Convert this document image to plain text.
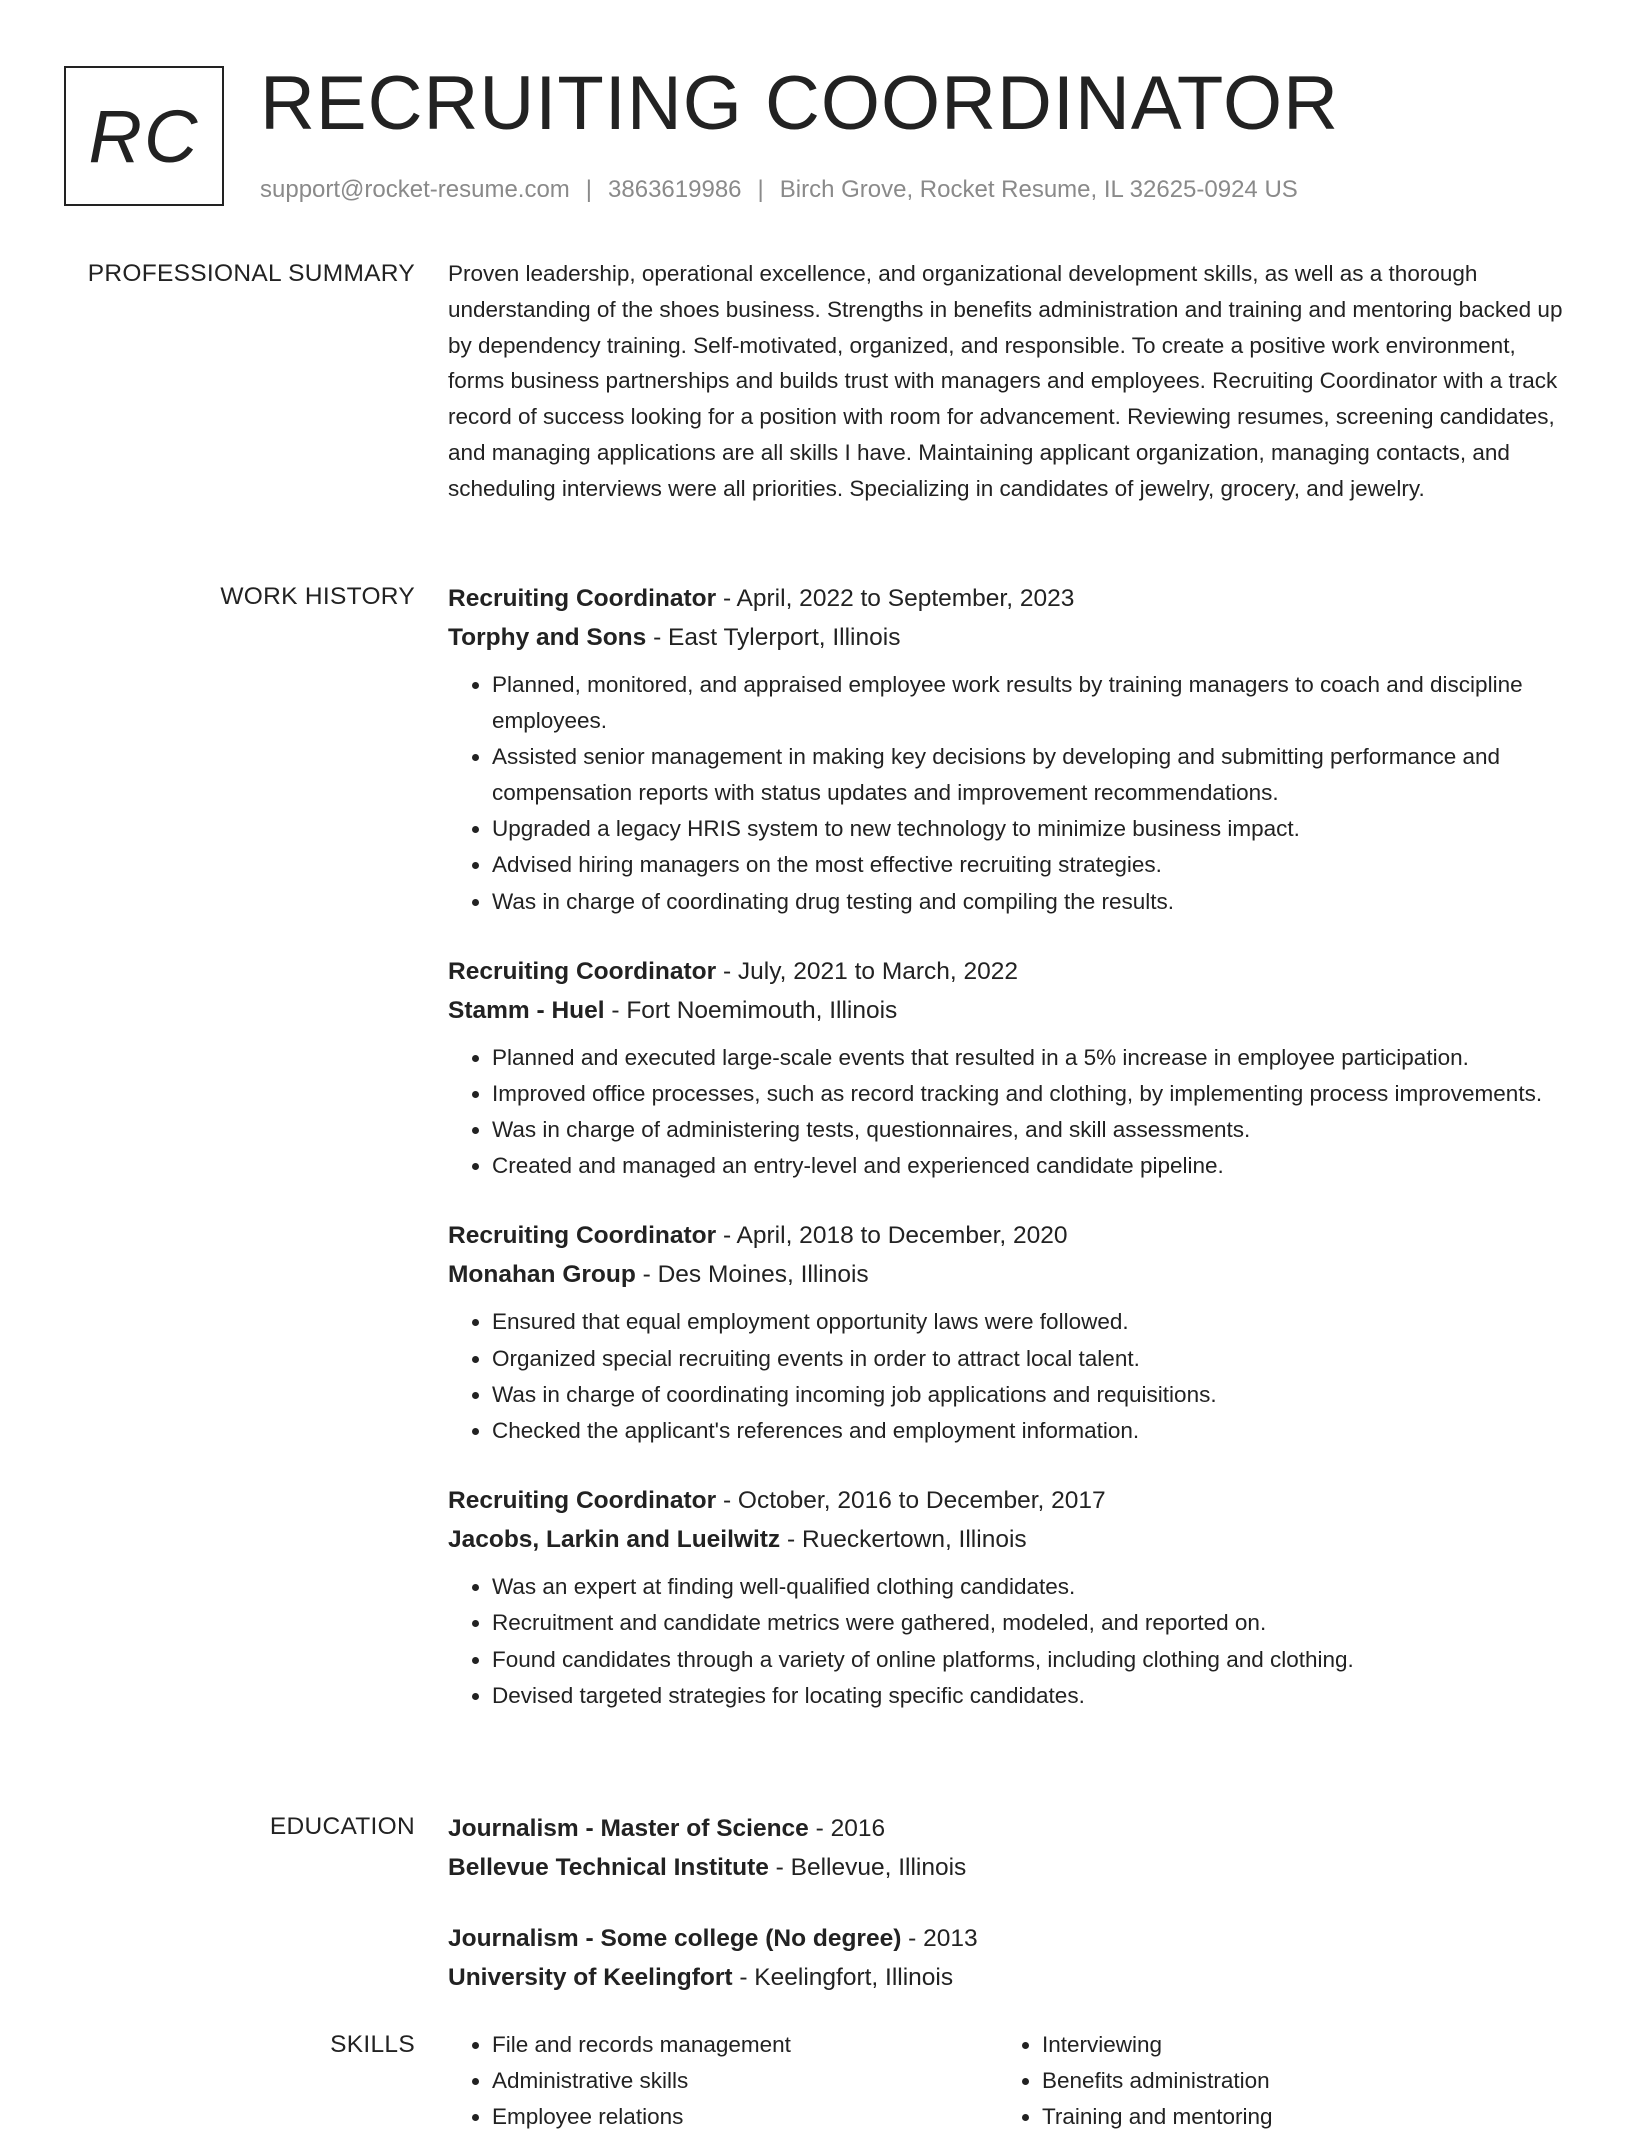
RC RECRUITING COORDINATOR
support@rocket-resume.com | 3863619986 | Birch Grove, Rocket Resume, IL 32625-0924 US
PROFESSIONAL SUMMARY Proven leadership, operational excellence, and organizational development skills, as well as a thorough understanding of the shoes business. Strengths in benefits administration and training and mentoring backed up by dependency training. Self-motivated, organized, and responsible. To create a positive work environment, forms business partnerships and builds trust with managers and employees. Recruiting Coordinator with a track record of success looking for a position with room for advancement. Reviewing resumes, screening candidates, and managing applications are all skills I have. Maintaining applicant organization, managing contacts, and scheduling interviews were all priorities. Specializing in candidates of jewelry, grocery, and jewelry.

WORK HISTORY Recruiting Coordinator - April, 2022 to September, 2023
Torphy and Sons - East Tylerport, Illinois
• Planned, monitored, and appraised employee work results by training managers to coach and discipline employees.
• Assisted senior management in making key decisions by developing and submitting performance and compensation reports with status updates and improvement recommendations.
• Upgraded a legacy HRIS system to new technology to minimize business impact.
• Advised hiring managers on the most effective recruiting strategies.
• Was in charge of coordinating drug testing and compiling the results.
Recruiting Coordinator - July, 2021 to March, 2022
Stamm - Huel - Fort Noemimouth, Illinois
• Planned and executed large-scale events that resulted in a 5% increase in employee participation.
• Improved office processes, such as record tracking and clothing, by implementing process improvements.
• Was in charge of administering tests, questionnaires, and skill assessments.
• Created and managed an entry-level and experienced candidate pipeline.
Recruiting Coordinator - April, 2018 to December, 2020
Monahan Group - Des Moines, Illinois
• Ensured that equal employment opportunity laws were followed.
• Organized special recruiting events in order to attract local talent.
• Was in charge of coordinating incoming job applications and requisitions.
• Checked the applicant's references and employment information.
Recruiting Coordinator - October, 2016 to December, 2017
Jacobs, Larkin and Lueilwitz - Rueckertown, Illinois
• Was an expert at finding well-qualified clothing candidates.
• Recruitment and candidate metrics were gathered, modeled, and reported on.
• Found candidates through a variety of online platforms, including clothing and clothing.
• Devised targeted strategies for locating specific candidates.
EDUCATION Journalism - Master of Science - 2016
Bellevue Technical Institute - Bellevue, Illinois
Journalism - Some college (No degree) - 2013
University of Keelingfort - Keelingfort, Illinois
SKILLS
•	File and records management
• Administrative skills
• Employee relations
• Interviewing
• Benefits administration
• Training and mentoring
